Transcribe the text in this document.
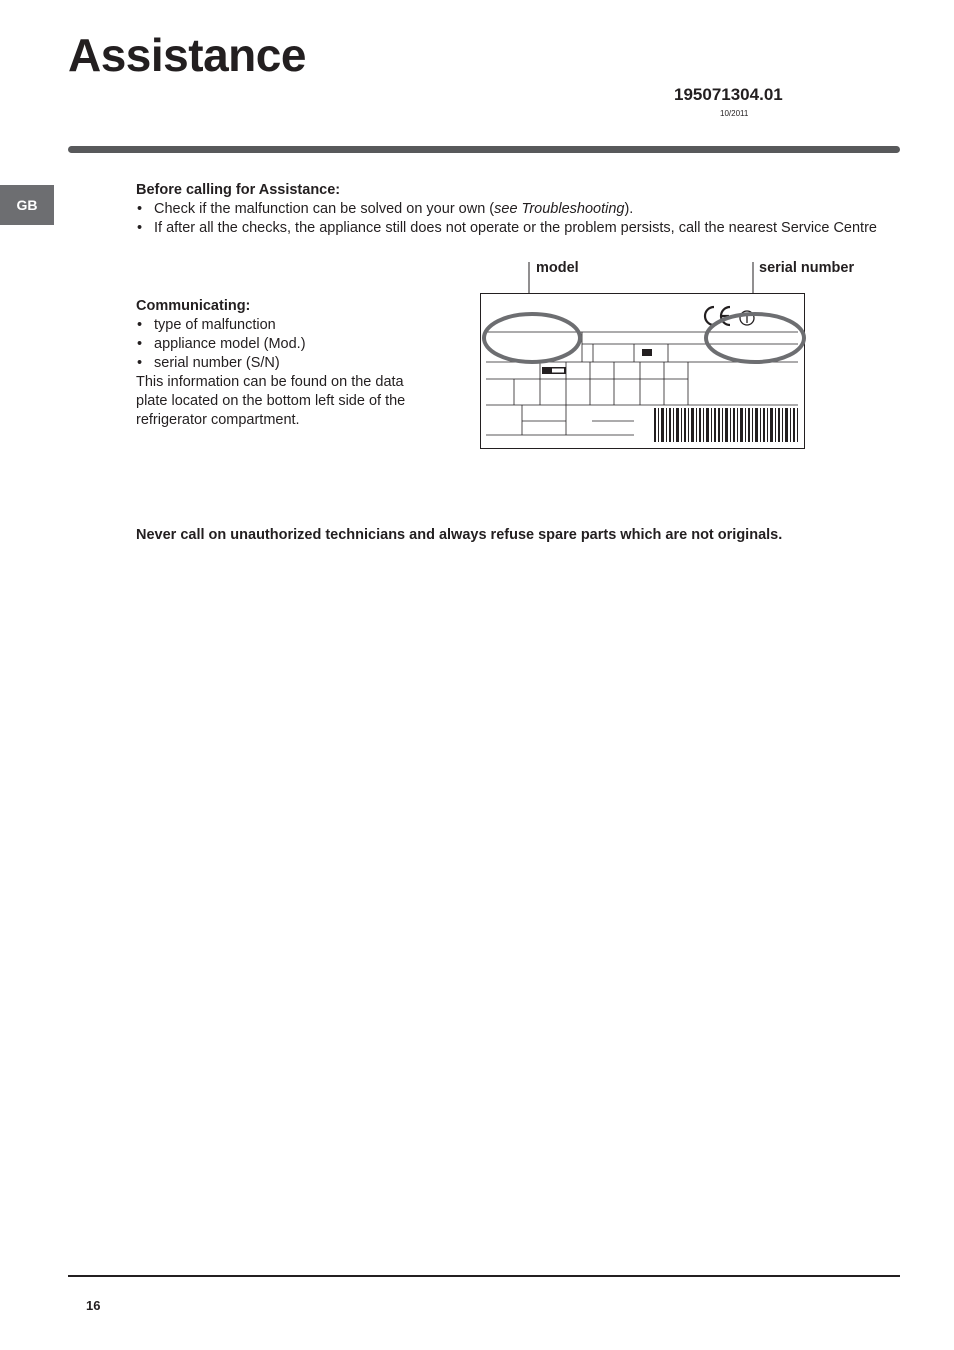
Assistance
195071304.01
10/2011
GB
Before calling for Assistance:
• Check if the malfunction can be solved on your own (see Troubleshooting).
• If after all the checks, the appliance still does not operate or the problem persists, call the nearest Service Centre
Communicating:
• type of malfunction
• appliance model (Mod.)
• serial number (S/N)
This information can be found on the data plate located on the bottom left side of the refrigerator compartment.
model	serial number
Never call on unauthorized technicians and always refuse spare parts which are not originals.
16
